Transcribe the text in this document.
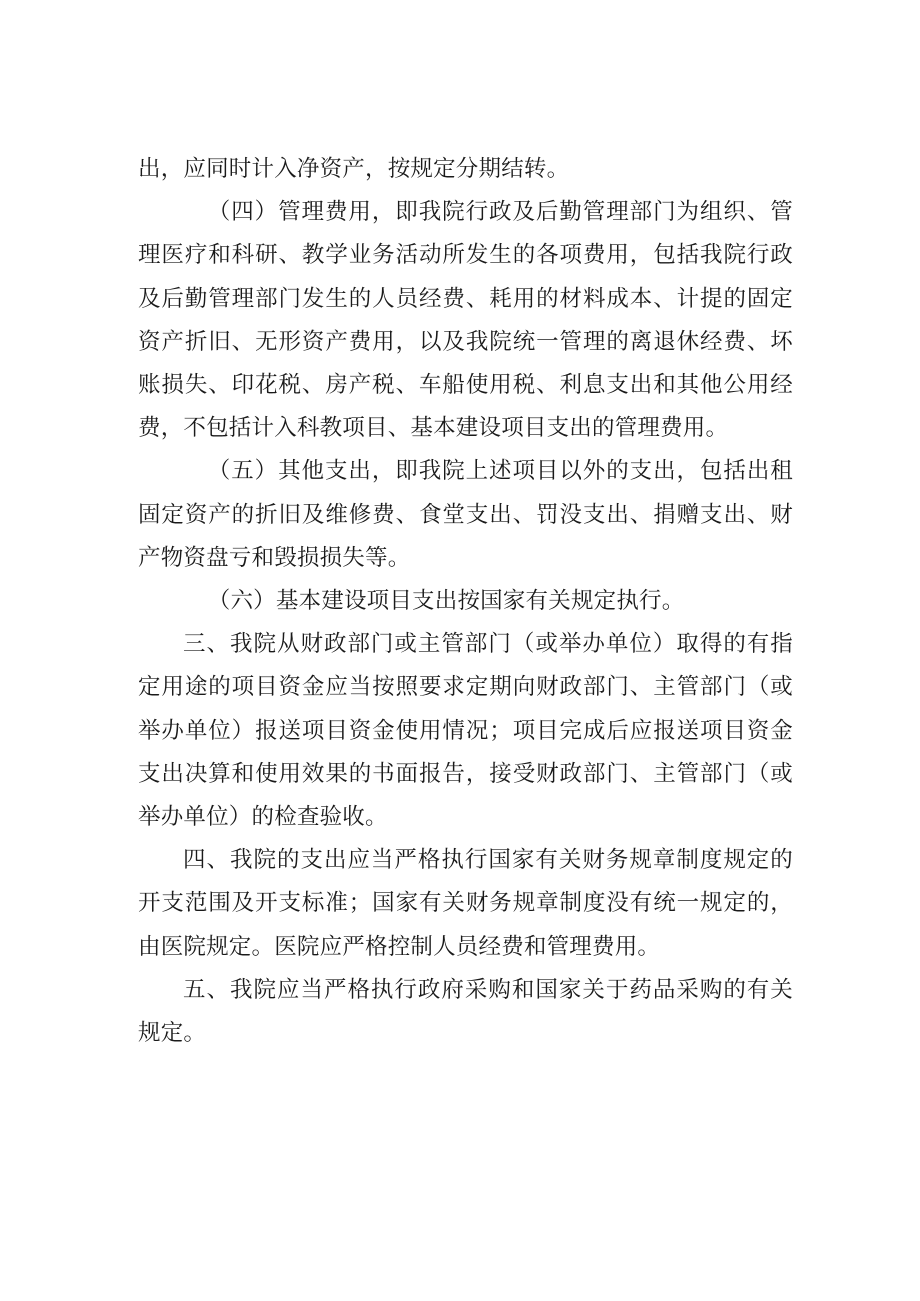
出，应同时计入净资产，按规定分期结转。

（四）管理费用，即我院行政及后勤管理部门为组织、管理医疗和科研、教学业务活动所发生的各项费用，包括我院行政及后勤管理部门发生的人员经费、耗用的材料成本、计提的固定资产折旧、无形资产费用，以及我院统一管理的离退休经费、坏账损失、印花税、房产税、车船使用税、利息支出和其他公用经费，不包括计入科教项目、基本建设项目支出的管理费用。

（五）其他支出，即我院上述项目以外的支出，包括出租固定资产的折旧及维修费、食堂支出、罚没支出、捐赠支出、财产物资盘亏和毁损损失等。

（六）基本建设项目支出按国家有关规定执行。

三、我院从财政部门或主管部门（或举办单位）取得的有指定用途的项目资金应当按照要求定期向财政部门、主管部门（或举办单位）报送项目资金使用情况；项目完成后应报送项目资金支出决算和使用效果的书面报告，接受财政部门、主管部门（或举办单位）的检查验收。

四、我院的支出应当严格执行国家有关财务规章制度规定的开支范围及开支标准；国家有关财务规章制度没有统一规定的，由医院规定。医院应严格控制人员经费和管理费用。

五、我院应当严格执行政府采购和国家关于药品采购的有关规定。
